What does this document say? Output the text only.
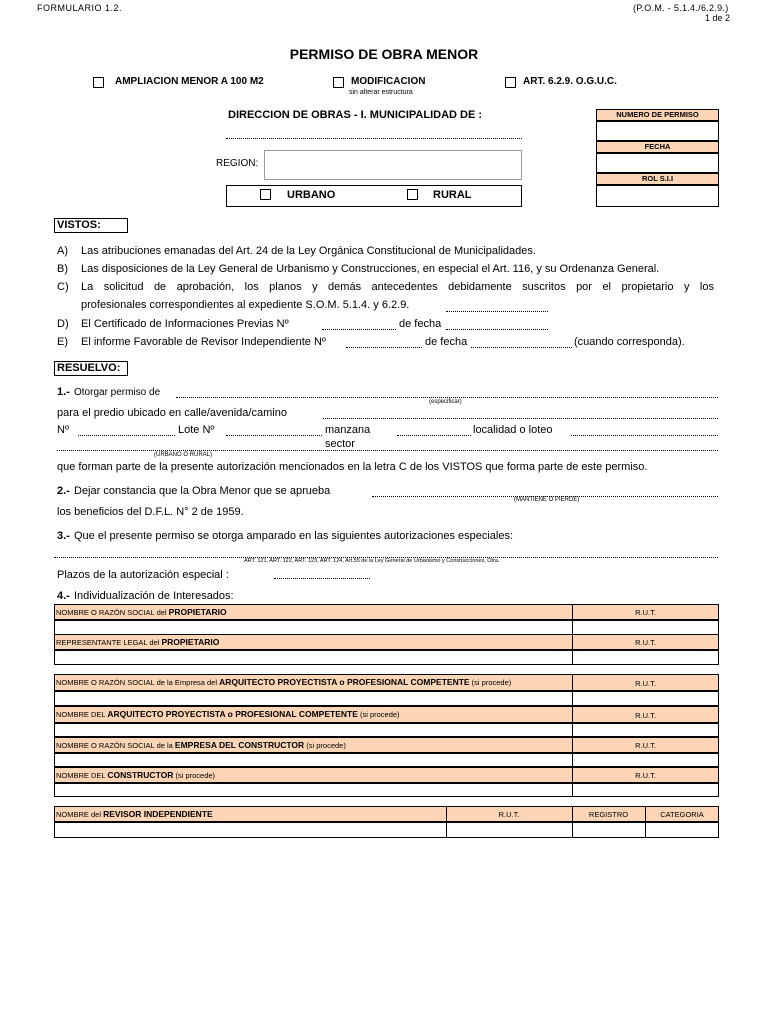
FORMULARIO 1.2.	(P.O.M. - 5.1.4./6.2.9.)
1 de 2
PERMISO DE OBRA MENOR
AMPLIACION MENOR A 100 M2	MODIFICACION
sin alterar estructura
ART. 6.2.9. O.G.U.C.
DIRECCION DE OBRAS - I. MUNICIPALIDAD DE :
REGION:
URBANO	RURAL
NUMERO DE PERMISO
FECHA
ROL S.I.I
VISTOS:
A) Las atribuciones emanadas del Art. 24 de la Ley Orgánica Constitucional de Municipalidades.
B) Las disposiciones de la Ley General de Urbanismo y Construcciones, en especial el Art. 116, y su Ordenanza General.
C) La solicitud de aprobación, los planos y demás antecedentes debidamente suscritos por el propietario y los
profesionales correspondientes al expediente S.O.M. 5.1.4. y 6.2.9.
D) El Certificado de Informaciones Previas Nº	de fecha
E) El informe Favorable de Revisor Independiente Nº	de fecha	(cuando corresponda).
RESUELVO:
1.- Otorgar permiso de
(especificar)
para el predio ubicado en calle/avenida/camino
Nº	Lote Nº	manzana	localidad o loteo
sector
(URBANO O RURAL)
que forman parte de la presente autorización mencionados en la letra C de los VISTOS que forma parte de este permiso.
2.- Dejar constancia que la Obra Menor que se aprueba
(MANTIENE O PIERDE)
los beneficios del D.F.L. N° 2 de 1959.
3.- Que el presente permiso se otorga amparado en las siguientes autorizaciones especiales:
ART. 121, ART. 122, ART. 123, ART. 124, Art.55 de la Ley General de Urbanismo y Construcciones, Otra.
Plazos de la autorización especial :
4.- Individualización de Interesados:
NOMBRE O RAZÓN SOCIAL del PROPIETARIO	R.U.T.
REPRESENTANTE LEGAL del PROPIETARIO	R.U.T.
NOMBRE O RAZÓN SOCIAL de la Empresa del ARQUITECTO PROYECTISTA o PROFESIONAL COMPETENTE (si procede)	R.U.T.
NOMBRE DEL ARQUITECTO PROYECTISTA o PROFESIONAL COMPETENTE (si procede)	R.U.T.
NOMBRE O RAZÓN SOCIAL de la EMPRESA DEL CONSTRUCTOR (si procede)	R.U.T.
NOMBRE DEL CONSTRUCTOR (si procede)	R.U.T.
NOMBRE del REVISOR INDEPENDIENTE	R.U.T.	REGISTRO	CATEGORIA
